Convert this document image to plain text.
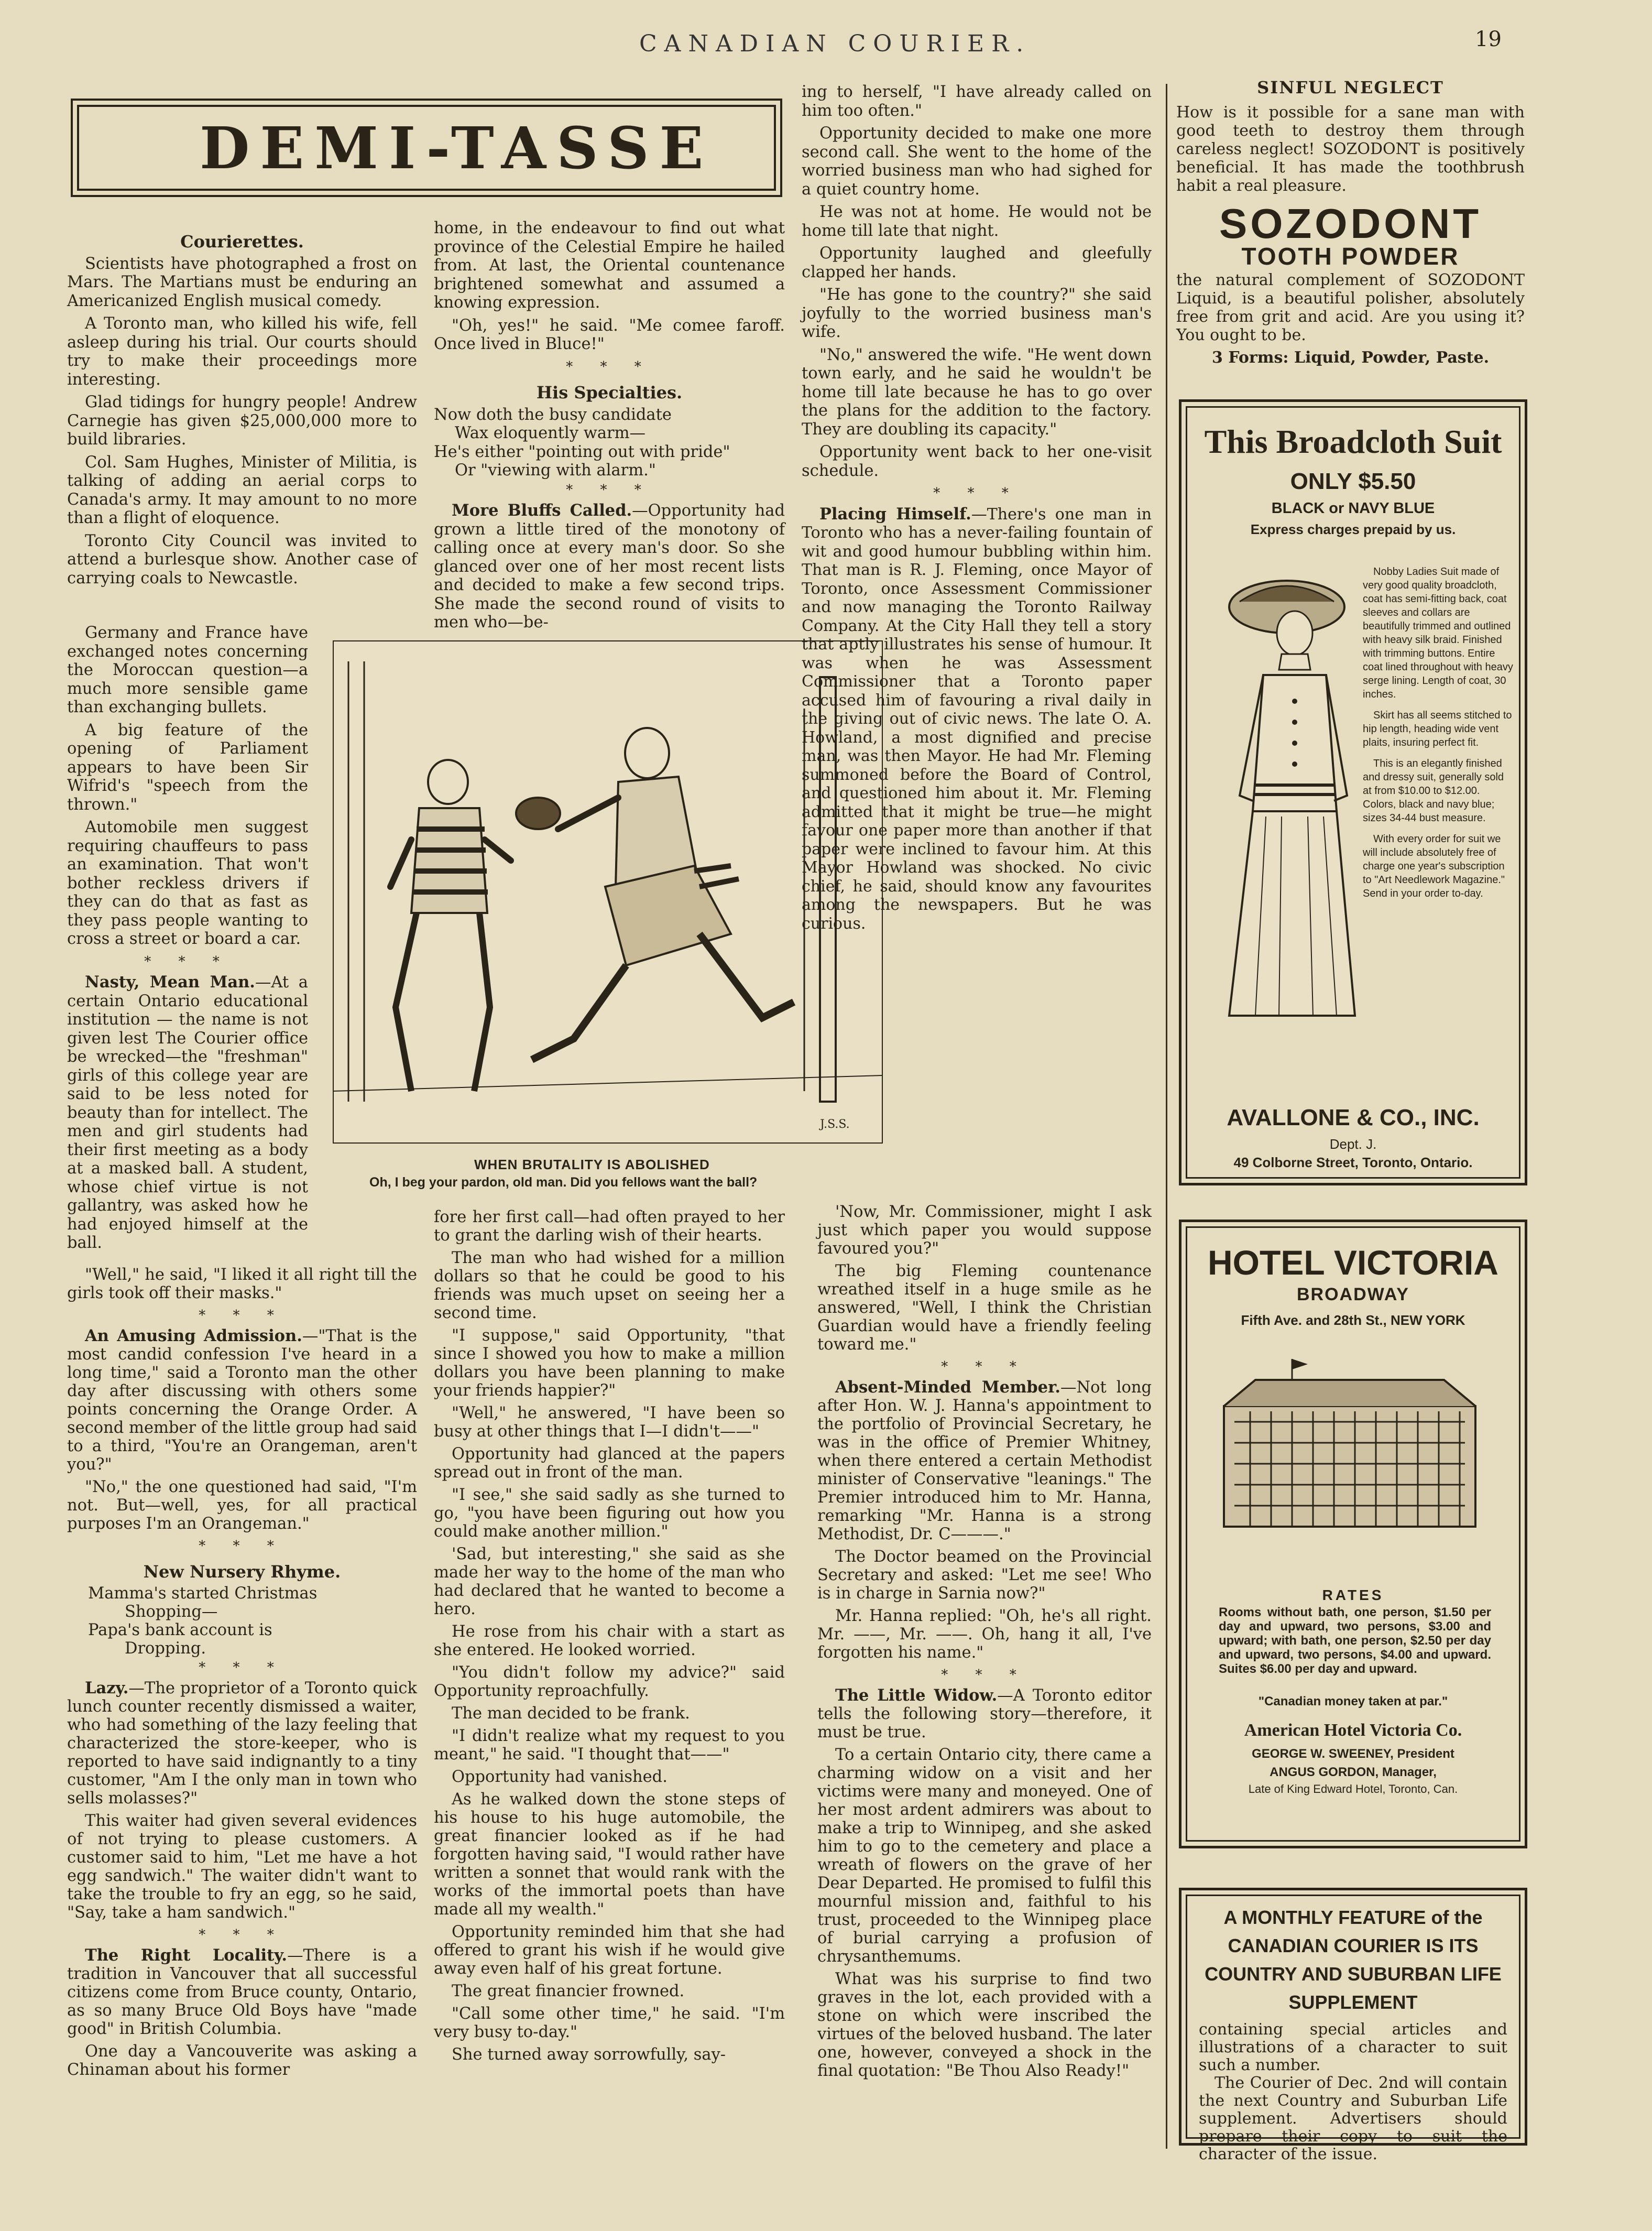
CANADIAN COURIER.	19
DEMI-TASSE
Courierettes.

Scientists have photographed a frost on Mars. The Martians must be enduring an Americanized English musical comedy.

A Toronto man, who killed his wife, fell asleep during his trial. Our courts should try to make their proceedings more interesting.

Glad tidings for hungry people! Andrew Carnegie has given $25,000,000 more to build libraries.

Col. Sam Hughes, Minister of Militia, is talking of adding an aerial corps to Canada's army. It may amount to no more than a flight of eloquence.

Toronto City Council was invited to attend a burlesque show. Another case of carrying coals to Newcastle.

Germany and France have exchanged notes concerning the Moroccan question—a much more sensible game than exchanging bullets.

A big feature of the opening of Parliament appears to have been Sir Wifrid's "speech from the thrown."

Automobile men suggest requiring chauffeurs to pass an examination. That won't bother reckless drivers if they can do that as fast as they pass people wanting to cross a street or board a car.

* * *

Nasty, Mean Man.—At a certain Ontario educational institution — the name is not given lest The Courier office be wrecked—the "freshman" girls of this college year are said to be less noted for beauty than for intellect. The men and girl students had their first meeting as a body at a masked ball. A student, whose chief virtue is not gallantry, was asked how he had enjoyed himself at the ball.

"Well," he said, "I liked it all right till the girls took off their masks."

* * *

An Amusing Admission.—"That is the most candid confession I've heard in a long time," said a Toronto man the other day after discussing with others some points concerning the Orange Order. A second member of the little group had said to a third, "You're an Orangeman, aren't you?"

"No," the one questioned had said, "I'm not. But—well, yes, for all practical purposes I'm an Orangeman."

* * *
New Nursery Rhyme.

Mamma's started Christmas

Shopping—

Papa's bank account is

Dropping.

* * *

Lazy.—The proprietor of a Toronto quick lunch counter recently dismissed a waiter, who had something of the lazy feeling that characterized the store-keeper, who is reported to have said indignantly to a tiny customer, "Am I the only man in town who sells molasses?"

This waiter had given several evidences of not trying to please customers. A customer said to him, "Let me have a hot egg sandwich." The waiter didn't want to take the trouble to fry an egg, so he said, "Say, take a ham sandwich."

* * *

The Right Locality.—There is a tradition in Vancouver that all successful citizens come from Bruce county, Ontario, as so many Bruce Old Boys have "made good" in British Columbia.

One day a Vancouverite was asking a Chinaman about his former

home, in the endeavour to find out what province of the Celestial Empire he hailed from. At last, the Oriental countenance brightened somewhat and assumed a knowing expression.

"Oh, yes!" he said. "Me comee faroff. Once lived in Bluce!"

* * *
His Specialties.

Now doth the busy candidate

Wax eloquently warm—

He's either "pointing out with pride"

Or "viewing with alarm."

* * *

More Bluffs Called.—Opportunity had grown a little tired of the monotony of calling once at every man's door. So she glanced over one of her most recent lists and decided to make a few second trips. She made the second round of visits to men who—be-

J.S.S.
WHEN BRUTALITY IS ABOLISHED
Oh, I beg your pardon, old man. Did you fellows want the ball?

fore her first call—had often prayed to her to grant the darling wish of their hearts.

The man who had wished for a million dollars so that he could be good to his friends was much upset on seeing her a second time.

"I suppose," said Opportunity, "that since I showed you how to make a million dollars you have been planning to make your friends happier?"

"Well," he answered, "I have been so busy at other things that I—I didn't——"

Opportunity had glanced at the papers spread out in front of the man.

"I see," she said sadly as she turned to go, "you have been figuring out how you could make another million."

'Sad, but interesting," she said as she made her way to the home of the man who had declared that he wanted to become a hero.

He rose from his chair with a start as she entered. He looked worried.

"You didn't follow my advice?" said Opportunity reproachfully.

The man decided to be frank.

"I didn't realize what my request to you meant," he said. "I thought that——"

Opportunity had vanished.

As he walked down the stone steps of his house to his huge automobile, the great financier looked as if he had forgotten having said, "I would rather have written a sonnet that would rank with the works of the immortal poets than have made all my wealth."

Opportunity reminded him that she had offered to grant his wish if he would give away even half of his great fortune.

The great financier frowned.

"Call some other time," he said. "I'm very busy to-day."

She turned away sorrowfully, say-

ing to herself, "I have already called on him too often."

Opportunity decided to make one more second call. She went to the home of the worried business man who had sighed for a quiet country home.

He was not at home. He would not be home till late that night.

Opportunity laughed and gleefully clapped her hands.

"He has gone to the country?" she said joyfully to the worried business man's wife.

"No," answered the wife. "He went down town early, and he said he wouldn't be home till late because he has to go over the plans for the addition to the factory. They are doubling its capacity."

Opportunity went back to her one-visit schedule.

* * *

Placing Himself.—There's one man in Toronto who has a never-failing fountain of wit and good humour bubbling within him. That man is R. J. Fleming, once Mayor of Toronto, once Assessment Commissioner and now managing the Toronto Railway Company. At the City Hall they tell a story that aptly illustrates his sense of humour. It was when he was Assessment Commissioner that a Toronto paper accused him of favouring a rival daily in the giving out of civic news. The late O. A. Howland, a most dignified and precise man, was then Mayor. He had Mr. Fleming summoned before the Board of Control, and questioned him about it. Mr. Fleming admitted that it might be true—he might favour one paper more than another if that paper were inclined to favour him. At this Mayor Howland was shocked. No civic chief, he said, should know any favourites among the newspapers. But he was curious.

'Now, Mr. Commissioner, might I ask just which paper you would suppose favoured you?"

The big Fleming countenance wreathed itself in a huge smile as he answered, "Well, I think the Christian Guardian would have a friendly feeling toward me."

* * *

Absent-Minded Member.—Not long after Hon. W. J. Hanna's appointment to the portfolio of Provincial Secretary, he was in the office of Premier Whitney, when there entered a certain Methodist minister of Conservative "leanings." The Premier introduced him to Mr. Hanna, remarking "Mr. Hanna is a strong Methodist, Dr. C———."

The Doctor beamed on the Provincial Secretary and asked: "Let me see! Who is in charge in Sarnia now?"

Mr. Hanna replied: "Oh, he's all right. Mr. ——, Mr. ——. Oh, hang it all, I've forgotten his name."

* * *

The Little Widow.—A Toronto editor tells the following story—therefore, it must be true.

To a certain Ontario city, there came a charming widow on a visit and her victims were many and moneyed. One of her most ardent admirers was about to make a trip to Winnipeg, and she asked him to go to the cemetery and place a wreath of flowers on the grave of her Dear Departed. He promised to fulfil this mournful mission and, faithful to his trust, proceeded to the Winnipeg place of burial carrying a profusion of chrysanthemums.

What was his surprise to find two graves in the lot, each provided with a stone on which were inscribed the virtues of the beloved husband. The later one, however, conveyed a shock in the final quotation: "Be Thou Also Ready!"

SINFUL NEGLECT
How is it possible for a sane man with good teeth to destroy them through careless neglect! SOZODONT is positively beneficial. It has made the toothbrush habit a real pleasure.
SOZODONT
TOOTH POWDER
the natural complement of SOZODONT Liquid, is a beautiful polisher, absolutely free from grit and acid. Are you using it? You ought to be.
3 Forms: Liquid, Powder, Paste.
This Broadcloth Suit
ONLY $5.50
BLACK or NAVY BLUE
Express charges prepaid by us.

Nobby Ladies Suit made of very good quality broadcloth, coat has semi-fitting back, coat sleeves and collars are beautifully trimmed and outlined with heavy silk braid. Finished with trimming buttons. Entire coat lined throughout with heavy serge lining. Length of coat, 30 inches.

Skirt has all seems stitched to hip length, heading wide vent plaits, insuring perfect fit.

This is an elegantly finished and dressy suit, generally sold at from $10.00 to $12.00. Colors, black and navy blue; sizes 34-44 bust measure.

With every order for suit we will include absolutely free of charge one year's subscription to "Art Needlework Magazine." Send in your order to-day.

AVALLONE & CO., INC.
Dept. J.
49 Colborne Street, Toronto, Ontario.
HOTEL VICTORIA
BROADWAY
Fifth Ave. and 28th St., NEW YORK
RATES
Rooms without bath, one person, $1.50 per day and upward, two persons, $3.00 and upward; with bath, one person, $2.50 per day and upward, two persons, $4.00 and upward. Suites $6.00 per day and upward.
"Canadian money taken at par."
American Hotel Victoria Co.
GEORGE W. SWEENEY, President
ANGUS GORDON, Manager,
Late of King Edward Hotel, Toronto, Can.
A MONTHLY FEATURE of the CANADIAN COURIER IS ITS COUNTRY AND SUBURBAN LIFE SUPPLEMENT
containing special articles and illustrations of a character to suit such a number.
The Courier of Dec. 2nd will contain the next Country and Suburban Life supplement. Advertisers should prepare their copy to suit the character of the issue.
